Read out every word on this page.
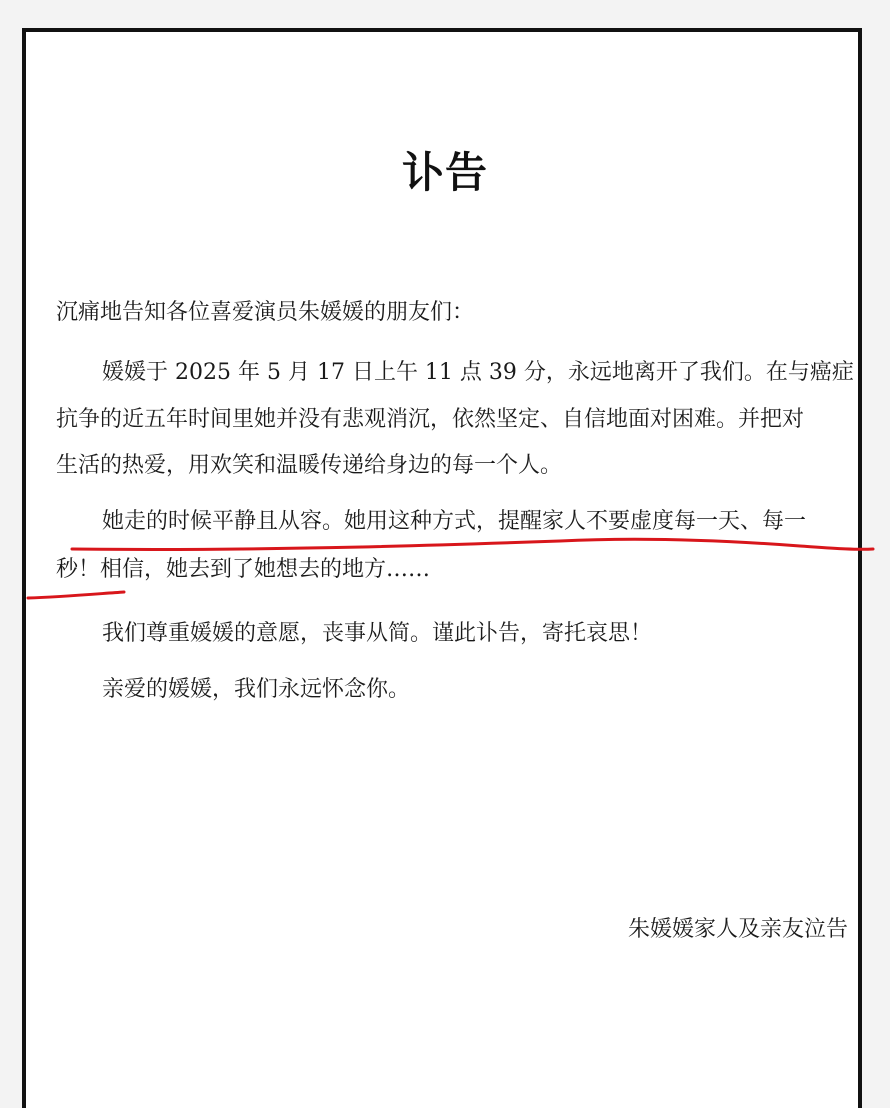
讣告
沉痛地告知各位喜爱演员朱媛媛的朋友们：
媛媛于 2025 年 5 月 17 日上午 11 点 39 分，永远地离开了我们。在与癌症
抗争的近五年时间里她并没有悲观消沉，依然坚定、自信地面对困难。并把对
生活的热爱，用欢笑和温暖传递给身边的每一个人。
她走的时候平静且从容。她用这种方式，提醒家人不要虚度每一天、每一
秒！相信，她去到了她想去的地方……
我们尊重媛媛的意愿，丧事从简。谨此讣告，寄托哀思！
亲爱的媛媛，我们永远怀念你。
朱媛媛家人及亲友泣告
